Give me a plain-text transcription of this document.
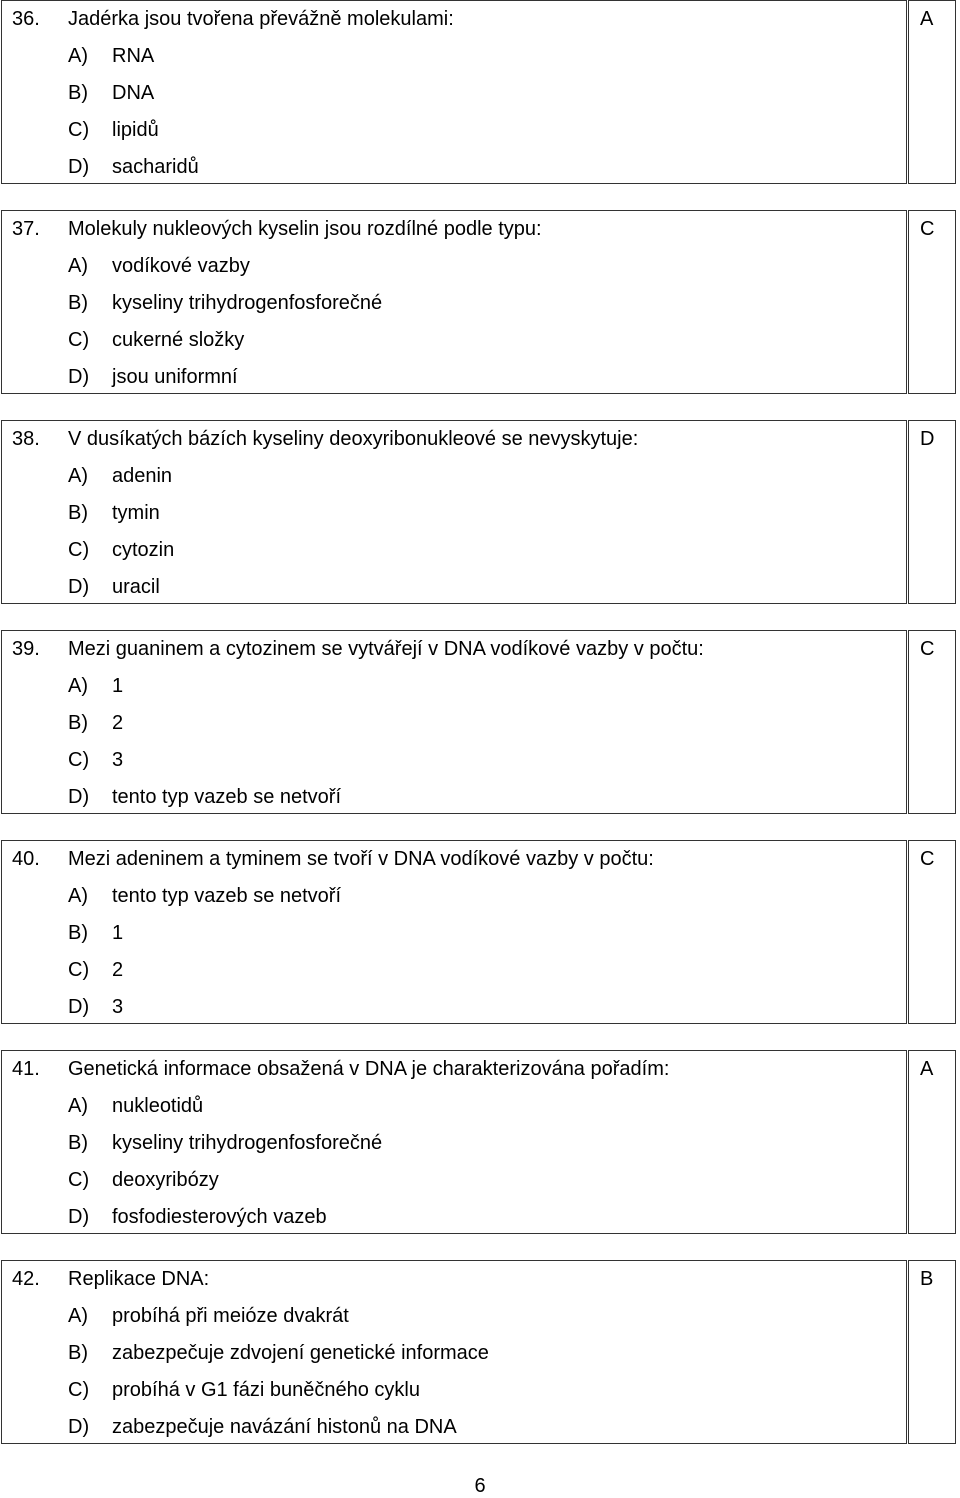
36. Jadérka jsou tvořena převážně molekulami:
A) RNA
B) DNA
C) lipidů
D) sacharidů
A
37. Molekuly nukleových kyselin jsou rozdílné podle typu:
A) vodíkové vazby
B) kyseliny trihydrogenfosforečné
C) cukerné složky
D) jsou uniformní
C
38. V dusíkatých bázích kyseliny deoxyribonukleové se nevyskytuje:
A) adenin
B) tymin
C) cytozin
D) uracil
D
39. Mezi guaninem a cytozinem se vytvářejí v DNA vodíkové vazby v počtu:
A) 1
B) 2
C) 3
D) tento typ vazeb se netvoří
C
40. Mezi adeninem a tyminem se tvoří v DNA vodíkové vazby v počtu:
A) tento typ vazeb se netvoří
B) 1
C) 2
D) 3
C
41. Genetická informace obsažená v DNA je charakterizována pořadím:
A) nukleotidů
B) kyseliny trihydrogenfosforečné
C) deoxyribózy
D) fosfodiesterových vazeb
A
42. Replikace DNA:
A) probíhá při meióze dvakrát
B) zabezpečuje zdvojení genetické informace
C) probíhá v G1 fázi buněčného cyklu
D) zabezpečuje navázání histonů na DNA
B
6
